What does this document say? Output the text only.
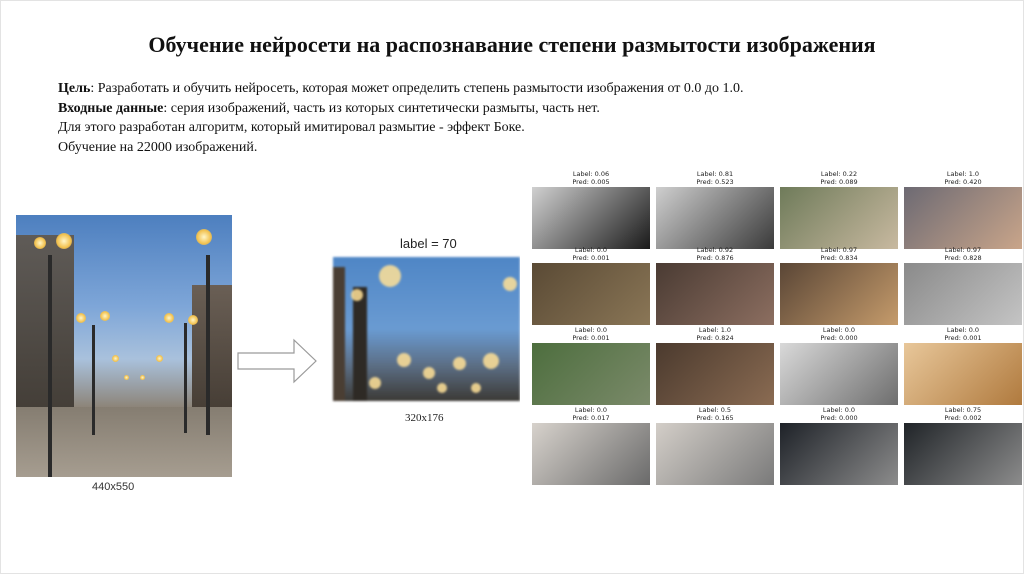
Обучение нейросети на распознавание степени размытости изображения
Цель: Разработать и обучить нейросеть, которая может определить степень размытости изображения от 0.0 до 1.0.
Входные данные: серия изображений, часть из которых синтетически размыты, часть нет.
Для этого разработан алгоритм, который имитировал размытие - эффект Боке.
Обучение на 22000 изображений.
440x550
label = 70
320x176
Label: 0.06
Pred: 0.005
Label: 0.81
Pred: 0.523
Label: 0.22
Pred: 0.089
Label: 1.0
Pred: 0.420
Label: 0.0
Pred: 0.001
Label: 0.92
Pred: 0.876
Label: 0.97
Pred: 0.834
Label: 0.97
Pred: 0.828
Label: 0.0
Pred: 0.001
Label: 1.0
Pred: 0.824
Label: 0.0
Pred: 0.000
Label: 0.0
Pred: 0.001
Label: 0.0
Pred: 0.017
Label: 0.5
Pred: 0.165
Label: 0.0
Pred: 0.000
Label: 0.75
Pred: 0.002
